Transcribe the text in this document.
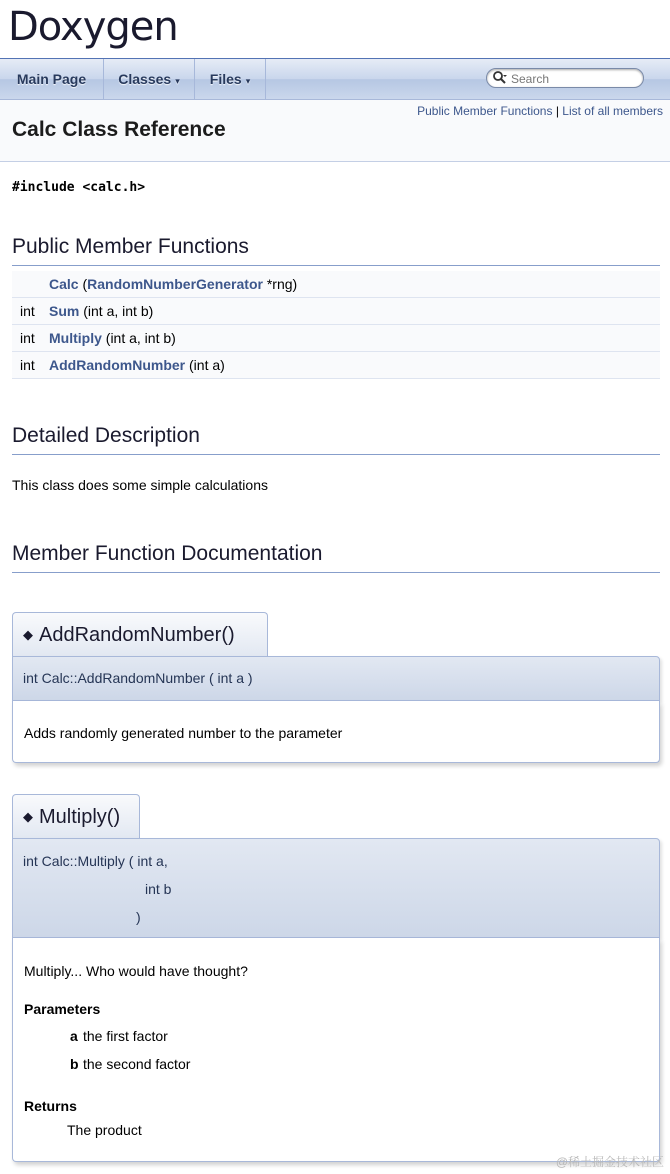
Doxygen
Main Page	Classes ▾	Files ▾
Search
Public Member Functions | List of all members
Calc Class Reference
#include <calc.h>
Public Member Functions
Calc (RandomNumberGenerator *rng)
int Sum (int a, int b)
int Multiply (int a, int b)
int AddRandomNumber (int a)
Detailed Description
This class does some simple calculations
Member Function Documentation
◆ AddRandomNumber()
int Calc::AddRandomNumber ( int a )
Adds randomly generated number to the parameter
◆ Multiply()
int Calc::Multiply ( int a,
int b
)
Multiply... Who would have thought?
Parameters
a the first factor
b the second factor
Returns
The product
@稀土掘金技术社区
